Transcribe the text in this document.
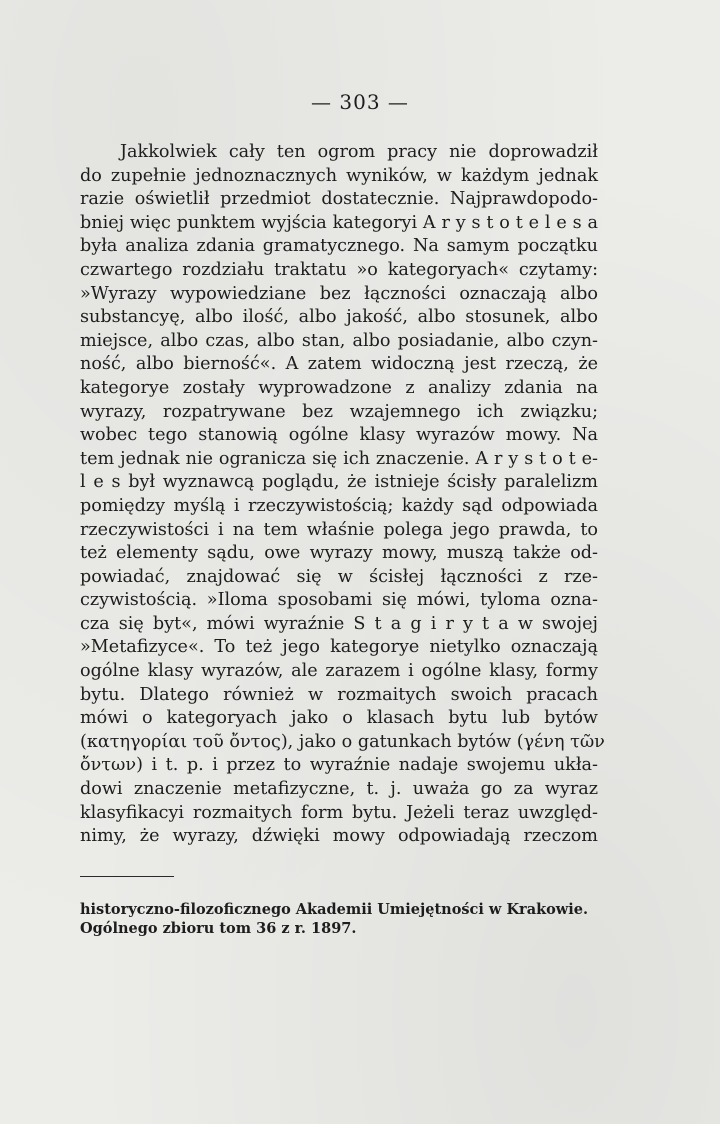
— 303 —
Jakkolwiek cały ten ogrom pracy nie doprowadził
do zupełnie jednoznacznych wyników, w każdym jednak
razie oświetlił przedmiot dostatecznie. Najprawdopodo-
bniej więc punktem wyjścia kategoryi A r y s t o t e l e s a
była analiza zdania gramatycznego. Na samym początku
czwartego rozdziału traktatu »o kategoryach« czytamy:
»Wyrazy wypowiedziane bez łączności oznaczają albo
substancyę, albo ilość, albo jakość, albo stosunek, albo
miejsce, albo czas, albo stan, albo posiadanie, albo czyn-
ność, albo bierność«. A zatem widoczną jest rzeczą, że
kategorye zostały wyprowadzone z analizy zdania na
wyrazy, rozpatrywane bez wzajemnego ich związku;
wobec tego stanowią ogólne klasy wyrazów mowy. Na
tem jednak nie ogranicza się ich znaczenie. A r y s t o t e-
l e s był wyznawcą poglądu, że istnieje ścisły paralelizm
pomiędzy myślą i rzeczywistością; każdy sąd odpowiada
rzeczywistości i na tem właśnie polega jego prawda, to
też elementy sądu, owe wyrazy mowy, muszą także od-
powiadać, znajdować się w ścisłej łączności z rze-
czywistością. »Iloma sposobami się mówi, tyloma ozna-
cza się byt«, mówi wyraźnie S t a g i r y t a w swojej
»Metafizyce«. To też jego kategorye nietylko oznaczają
ogólne klasy wyrazów, ale zarazem i ogólne klasy, formy
bytu. Dlatego również w rozmaitych swoich pracach
mówi o kategoryach jako o klasach bytu lub bytów
(κατηγορίαι τοῦ ὄντος), jako o gatunkach bytów (γένη τῶν
ὄντων) i t. p. i przez to wyraźnie nadaje swojemu ukła-
dowi znaczenie metafizyczne, t. j. uważa go za wyraz
klasyfikacyi rozmaitych form bytu. Jeżeli teraz uwzględ-
nimy, że wyrazy, dźwięki mowy odpowiadają rzeczom
historyczno-filozoficznego Akademii Umiejętności w Krakowie.
Ogólnego zbioru tom 36 z r. 1897.
